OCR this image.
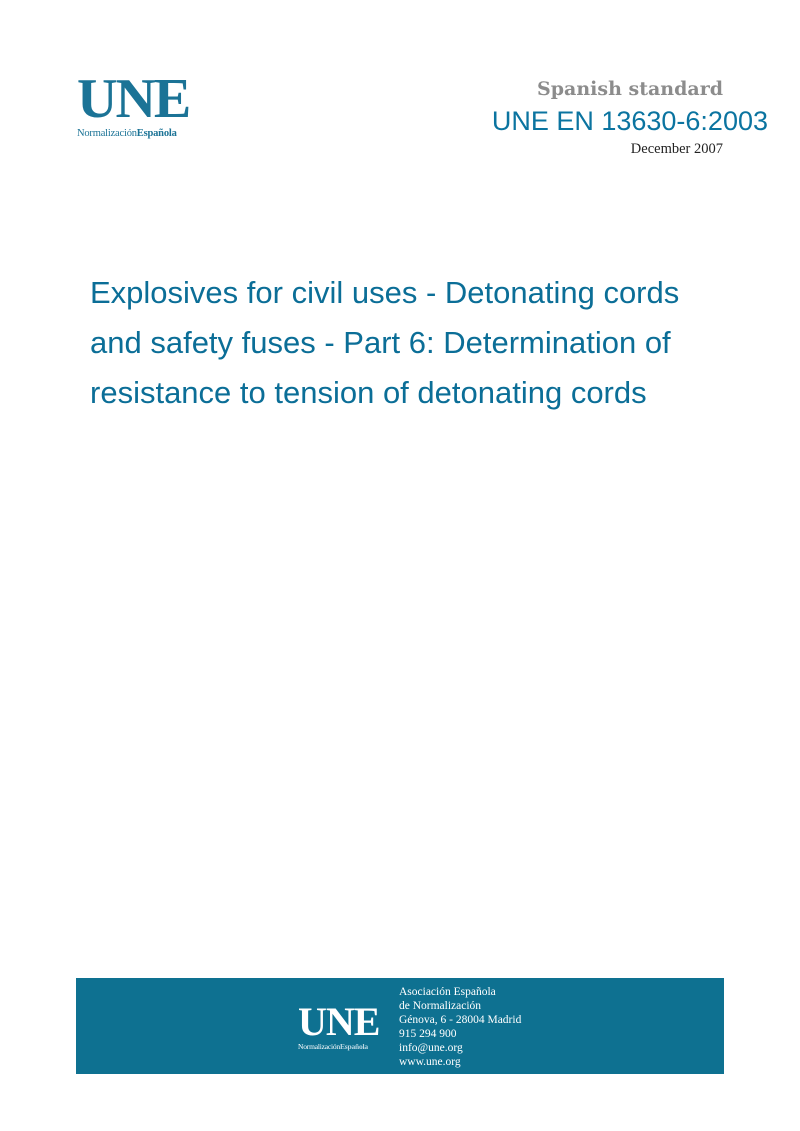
UNE
NormalizaciónEspañola
Spanish standard
UNE EN 13630-6:2003
December 2007
Explosives for civil uses - Detonating cords and safety fuses - Part 6: Determination of resistance to tension of detonating cords
UNE
NormalizaciónEspañola
Asociación Española
de Normalización
Génova, 6 - 28004 Madrid
915 294 900
info@une.org
www.une.org
